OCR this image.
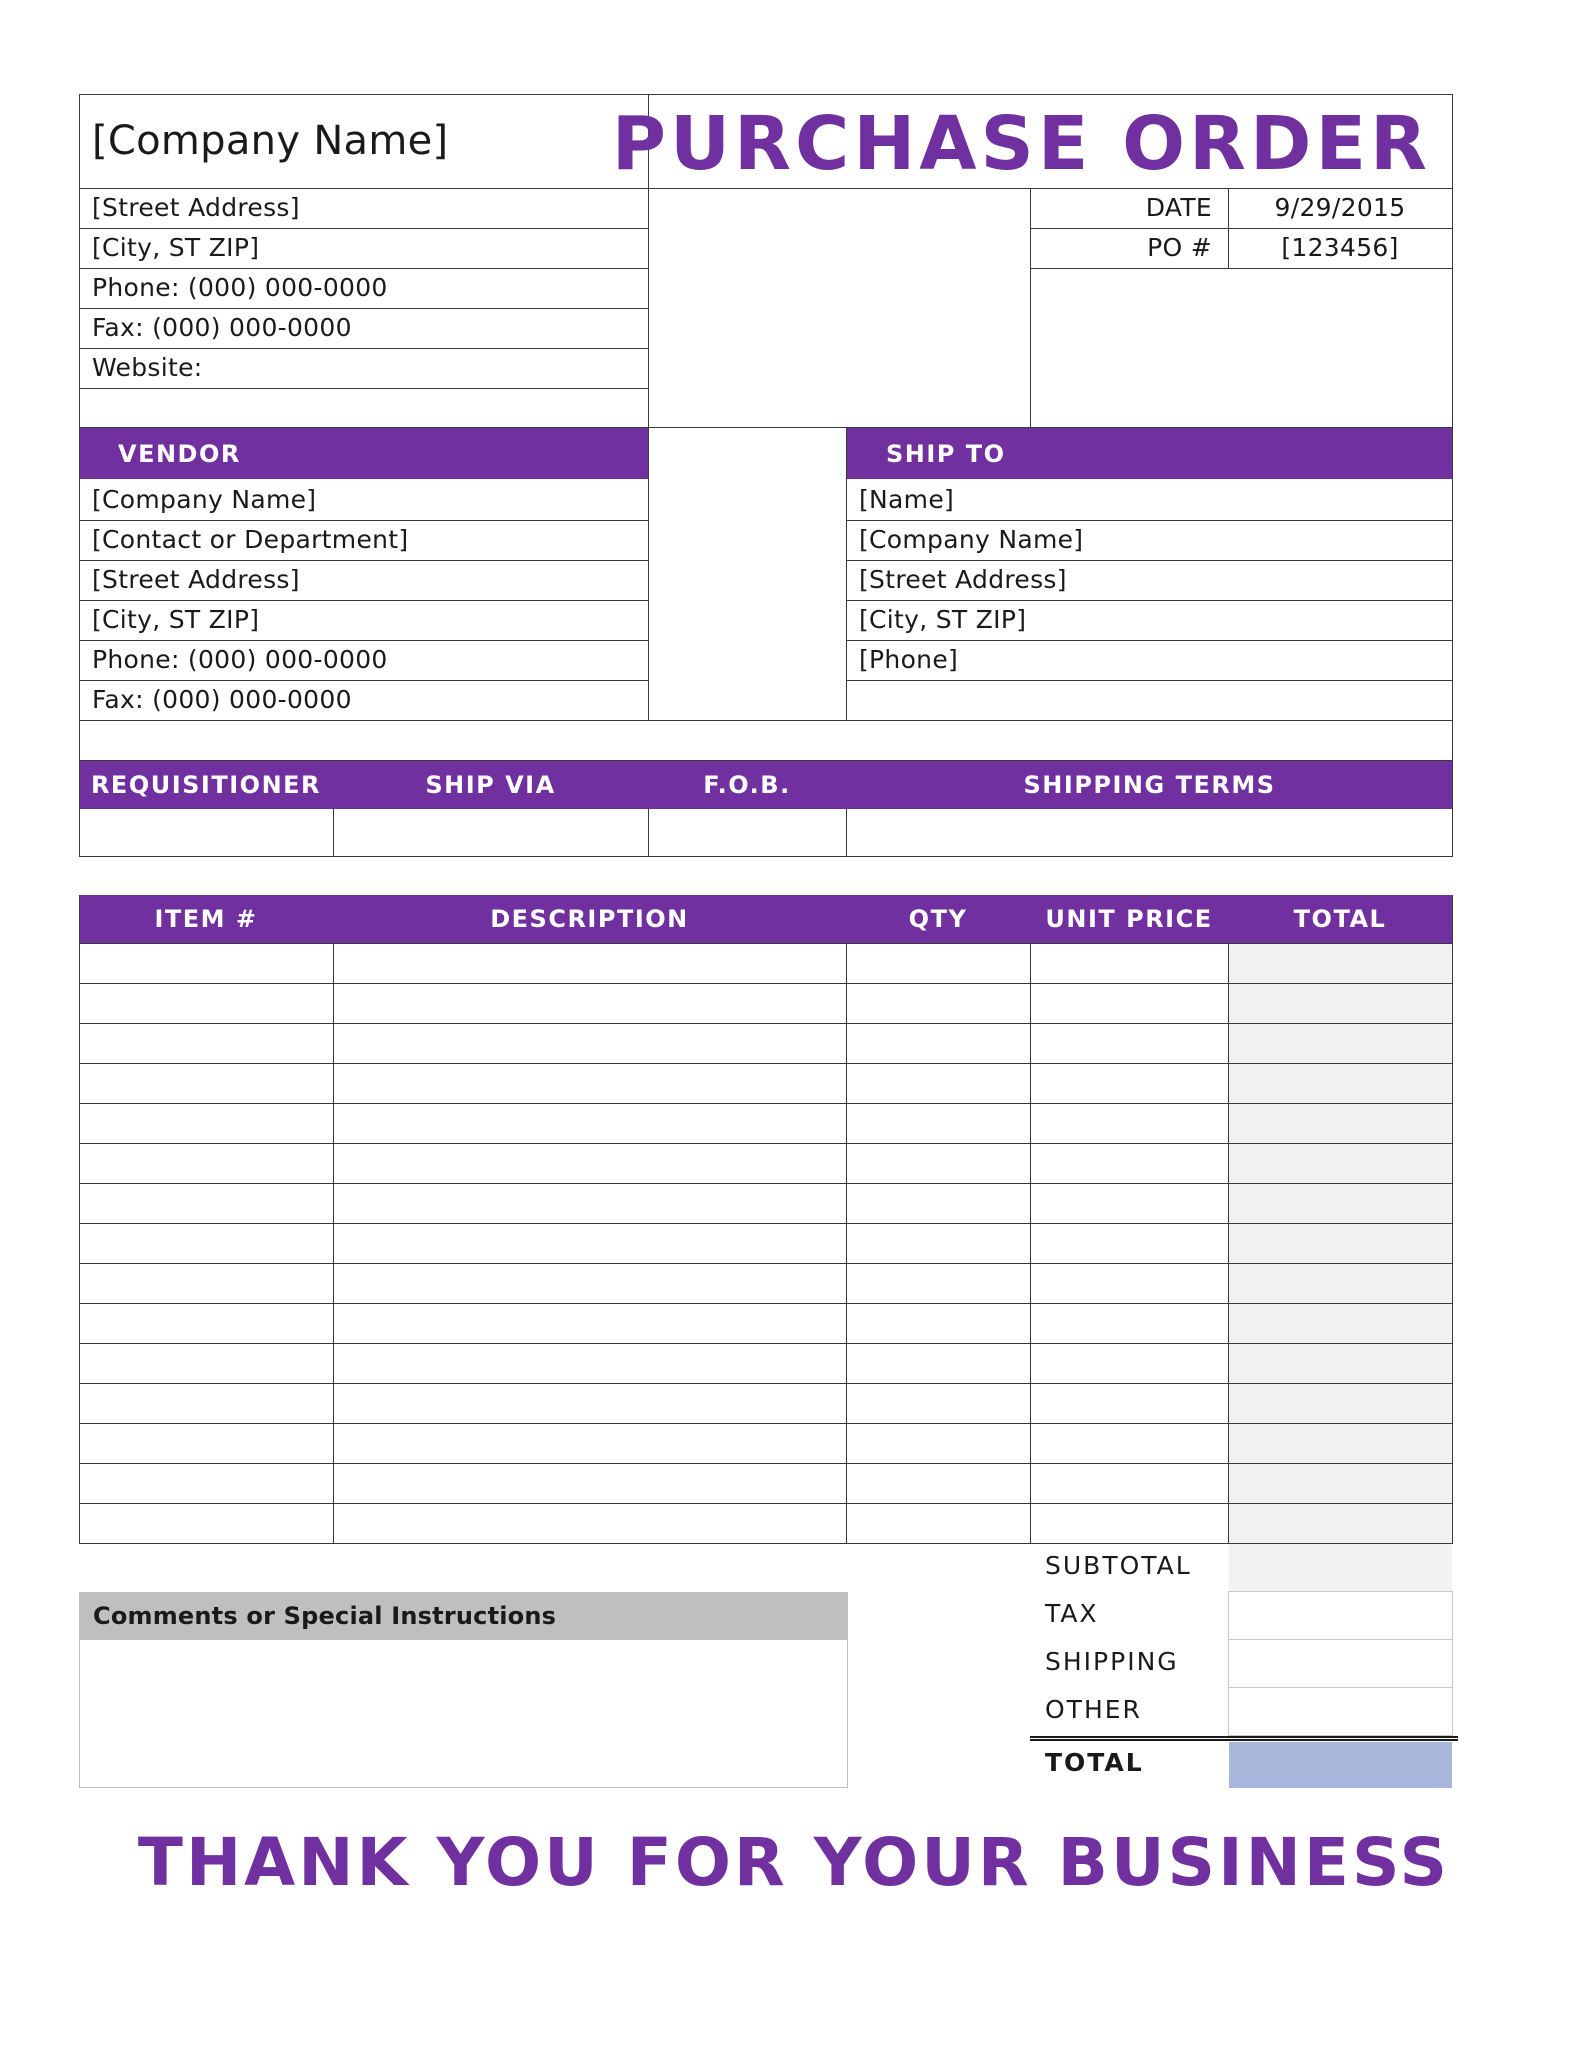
[Company Name] PURCHASE ORDER
[Street Address]
[City, ST ZIP]
Phone: (000) 000-0000
Fax: (000) 000-0000
Website:
DATE	9/29/2015
PO #	[123456]
VENDOR	SHIP TO
[Company Name]
[Contact or Department]
[Street Address]
[City, ST ZIP]
Phone: (000) 000-0000
Fax: (000) 000-0000
[Name]
[Company Name]
[Street Address]
[City, ST ZIP]
[Phone]
REQUISITIONER	SHIP VIA	F.O.B.	SHIPPING TERMS
ITEM #	DESCRIPTION	QTY	UNIT PRICE	TOTAL
Comments or Special Instructions
SUBTOTAL
TAX
SHIPPING
OTHER
TOTAL
THANK YOU FOR YOUR BUSINESS
